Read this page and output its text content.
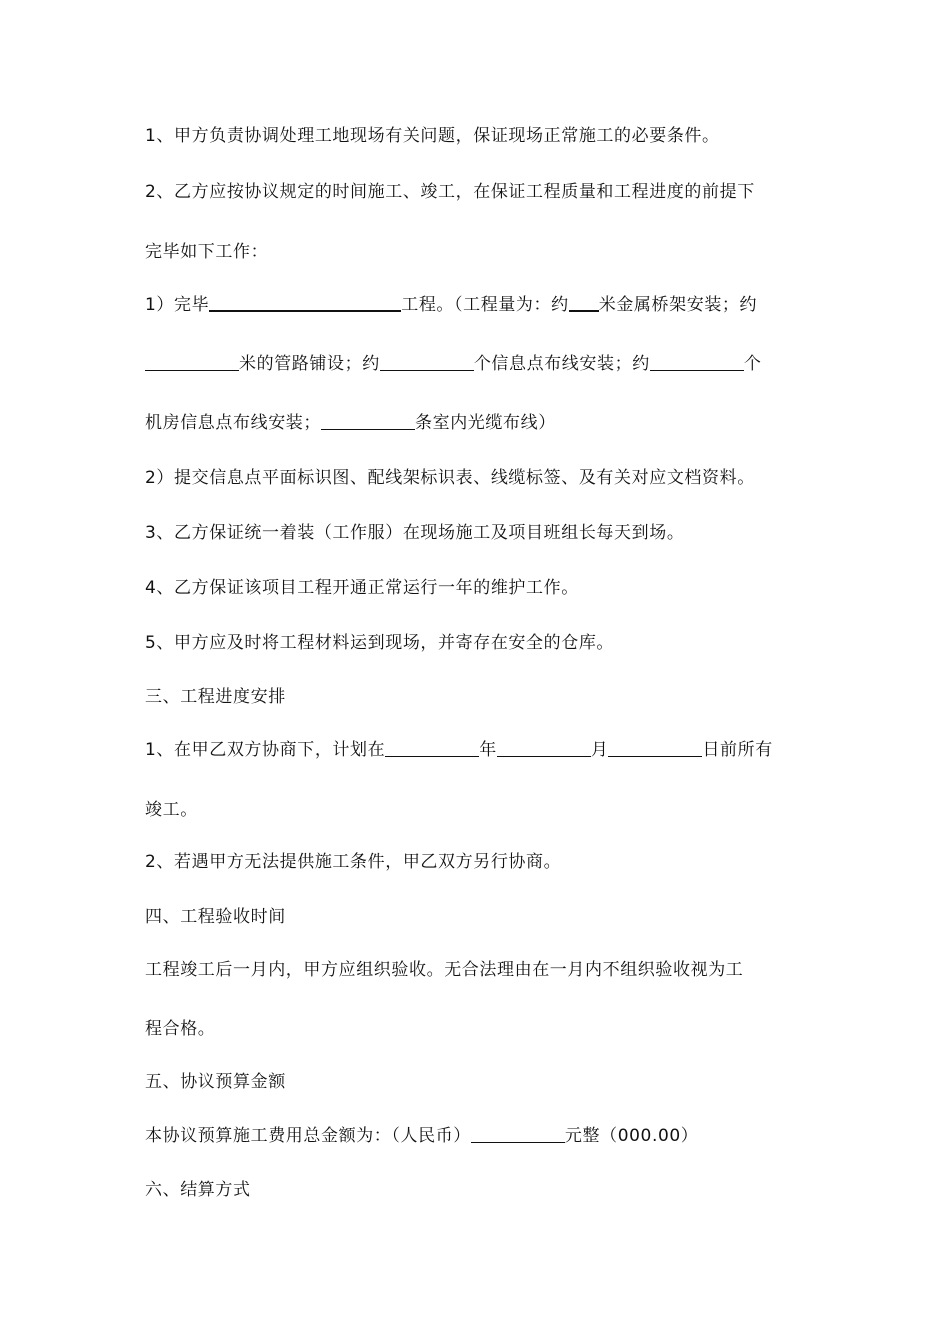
1、甲方负责协调处理工地现场有关问题，保证现场正常施工的必要条件。
2、乙方应按协议规定的时间施工、竣工，在保证工程质量和工程进度的前提下
完毕如下工作：
1）完毕	工程。（工程量为：约 米金属桥架安装；约
米的管路铺设；约	个信息点布线安装；约	个
机房信息点布线安装；	条室内光缆布线）
2）提交信息点平面标识图、配线架标识表、线缆标签、及有关对应文档资料。
3、乙方保证统一着装（工作服）在现场施工及项目班组长每天到场。
4、乙方保证该项目工程开通正常运行一年的维护工作。
5、甲方应及时将工程材料运到现场，并寄存在安全的仓库。
三、工程进度安排
1、在甲乙双方协商下，计划在	年	月	日前所有
竣工。
2、若遇甲方无法提供施工条件，甲乙双方另行协商。
四、工程验收时间
工程竣工后一月内，甲方应组织验收。无合法理由在一月内不组织验收视为工
程合格。
五、协议预算金额
本协议预算施工费用总金额为：（人民币）	元整（000.00）
六、结算方式
